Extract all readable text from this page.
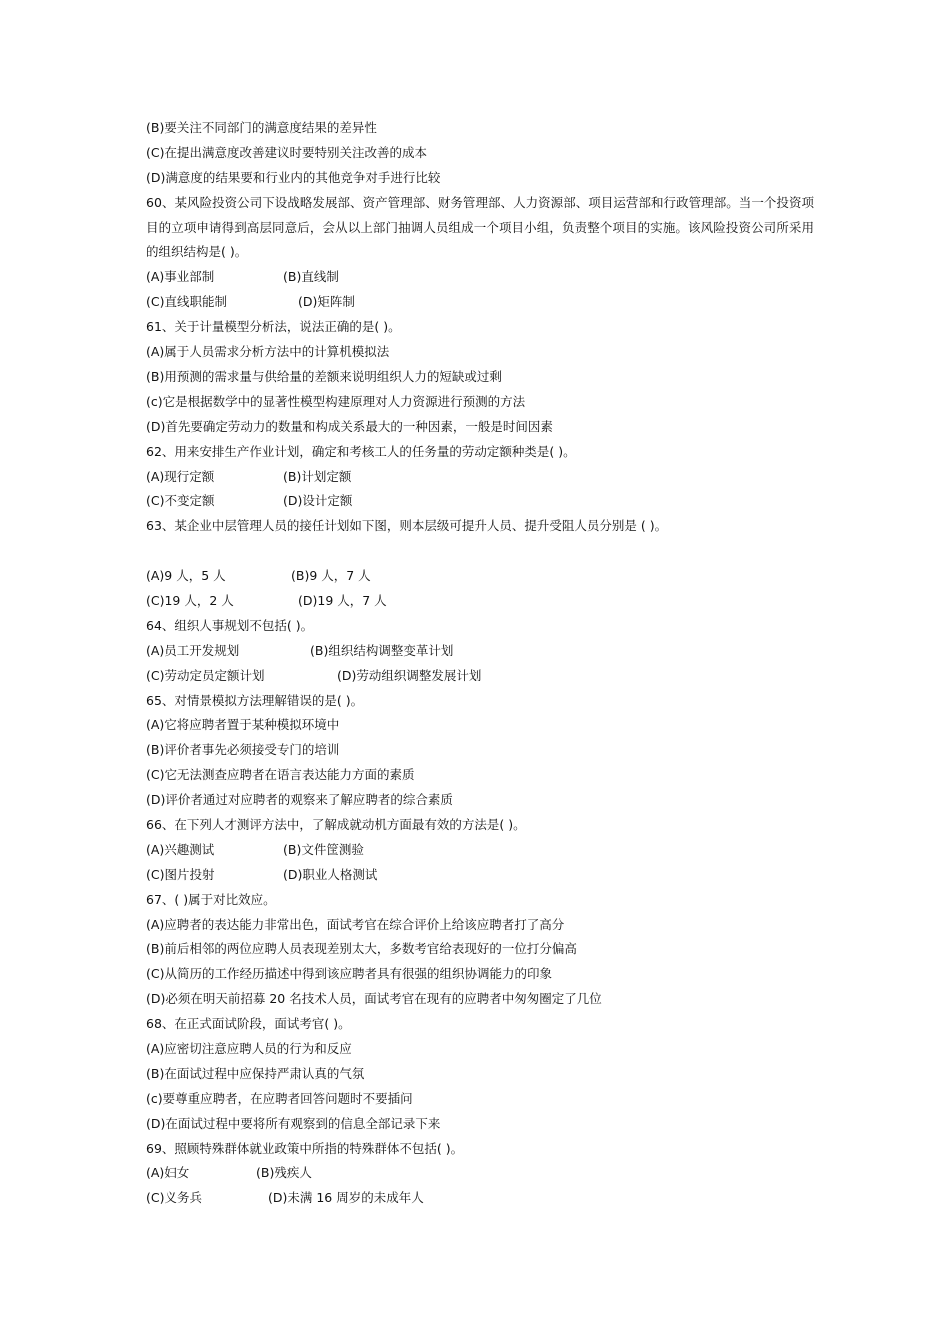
(B)要关注不同部门的满意度结果的差异性
(C)在提出满意度改善建议时要特别关注改善的成本
(D)满意度的结果要和行业内的其他竞争对手进行比较
60、某风险投资公司下设战略发展部、资产管理部、财务管理部、人力资源部、项目运营部和行政管理部。当一个投资项目的立项申请得到高层同意后，会从以上部门抽调人员组成一个项目小组，负责整个项目的实施。该风险投资公司所采用的组织结构是( )。
(A)事业部制	(B)直线制
(C)直线职能制	(D)矩阵制
61、关于计量模型分析法，说法正确的是( )。
(A)属于人员需求分析方法中的计算机模拟法
(B)用预测的需求量与供给量的差额来说明组织人力的短缺或过剩
(c)它是根据数学中的显著性模型构建原理对人力资源进行预测的方法
(D)首先要确定劳动力的数量和构成关系最大的一种因素，一般是时间因素
62、用来安排生产作业计划，确定和考核工人的任务量的劳动定额种类是( )。
(A)现行定额	(B)计划定额
(C)不变定额	(D)设计定额
63、某企业中层管理人员的接任计划如下图，则本层级可提升人员、提升受阻人员分别是 ( )。
(A)9 人，5 人	(B)9 人，7 人
(C)19 人，2 人	(D)19 人，7 人
64、组织人事规划不包括( )。
(A)员工开发规划	(B)组织结构调整变革计划
(C)劳动定员定额计划	(D)劳动组织调整发展计划
65、对情景模拟方法理解错误的是( )。
(A)它将应聘者置于某种模拟环境中
(B)评价者事先必须接受专门的培训
(C)它无法测查应聘者在语言表达能力方面的素质
(D)评价者通过对应聘者的观察来了解应聘者的综合素质
66、在下列人才测评方法中，了解成就动机方面最有效的方法是( )。
(A)兴趣测试	(B)文件筐测验
(C)图片投射	(D)职业人格测试
67、( )属于对比效应。
(A)应聘者的表达能力非常出色，面试考官在综合评价上给该应聘者打了高分
(B)前后相邻的两位应聘人员表现差别太大，多数考官给表现好的一位打分偏高
(C)从简历的工作经历描述中得到该应聘者具有很强的组织协调能力的印象
(D)必须在明天前招募 20 名技术人员，面试考官在现有的应聘者中匆匆圈定了几位
68、在正式面试阶段，面试考官( )。
(A)应密切注意应聘人员的行为和反应
(B)在面试过程中应保持严肃认真的气氛
(c)要尊重应聘者，在应聘者回答问题时不要插问
(D)在面试过程中要将所有观察到的信息全部记录下来
69、照顾特殊群体就业政策中所指的特殊群体不包括( )。
(A)妇女	(B)残疾人
(C)义务兵	(D)未满 16 周岁的未成年人
